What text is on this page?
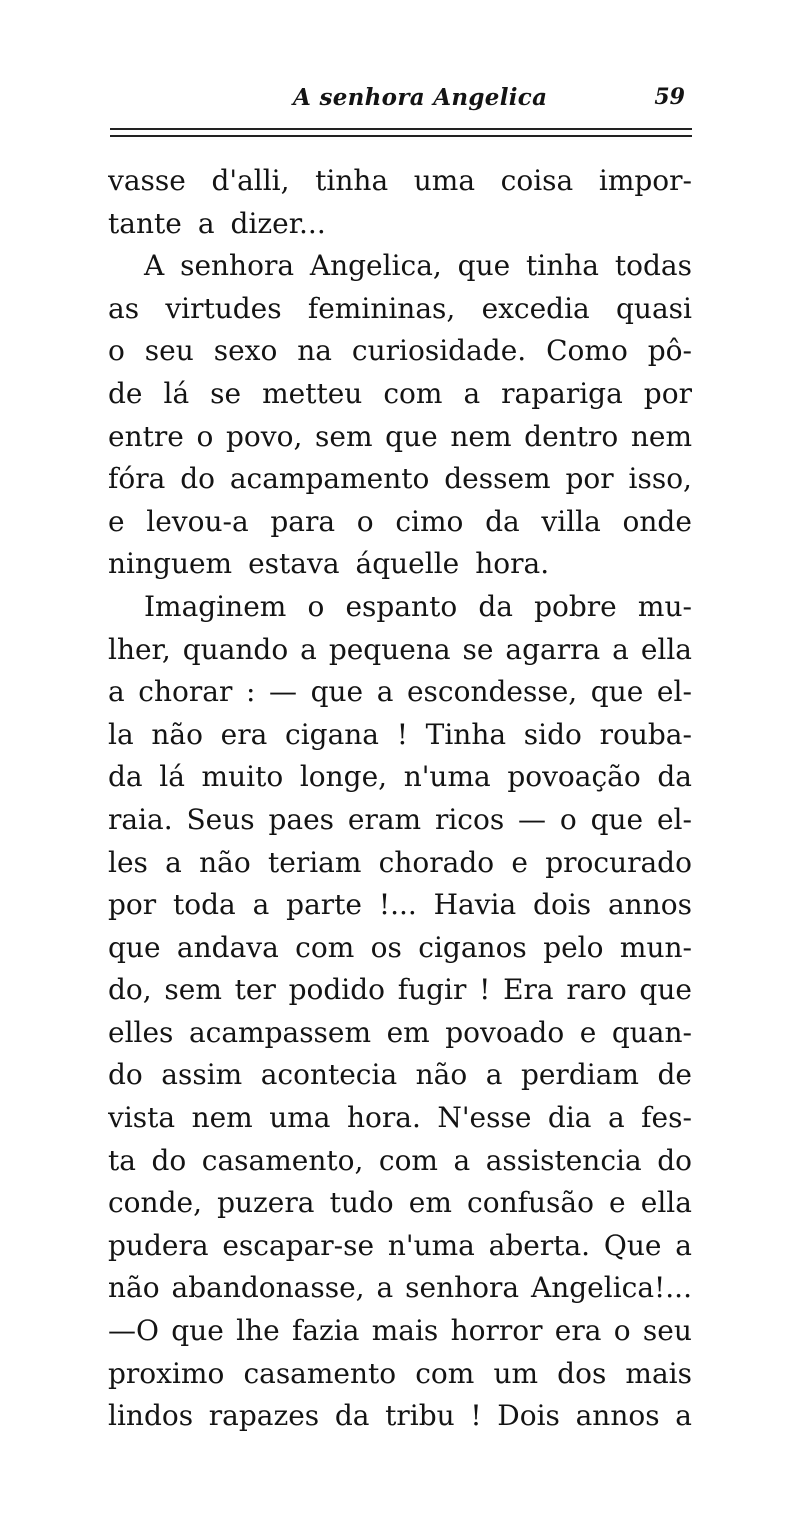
A senhora Angelica	59
vasse d'alli, tinha uma coisa impor-
tante a dizer...
A senhora Angelica, que tinha todas
as virtudes femininas, excedia quasi
o seu sexo na curiosidade. Como pô-
de lá se metteu com a rapariga por
entre o povo, sem que nem dentro nem
fóra do acampamento dessem por isso,
e levou-a para o cimo da villa onde
ninguem estava áquelle hora.
Imaginem o espanto da pobre mu-
lher, quando a pequena se agarra a ella
a chorar : — que a escondesse, que el-
la não era cigana ! Tinha sido rouba-
da lá muito longe, n'uma povoação da
raia. Seus paes eram ricos — o que el-
les a não teriam chorado e procurado
por toda a parte !... Havia dois annos
que andava com os ciganos pelo mun-
do, sem ter podido fugir ! Era raro que
elles acampassem em povoado e quan-
do assim acontecia não a perdiam de
vista nem uma hora. N'esse dia a fes-
ta do casamento, com a assistencia do
conde, puzera tudo em confusão e ella
pudera escapar-se n'uma aberta. Que a
não abandonasse, a senhora Angelica!...
—O que lhe fazia mais horror era o seu
proximo casamento com um dos mais
lindos rapazes da tribu ! Dois annos a
